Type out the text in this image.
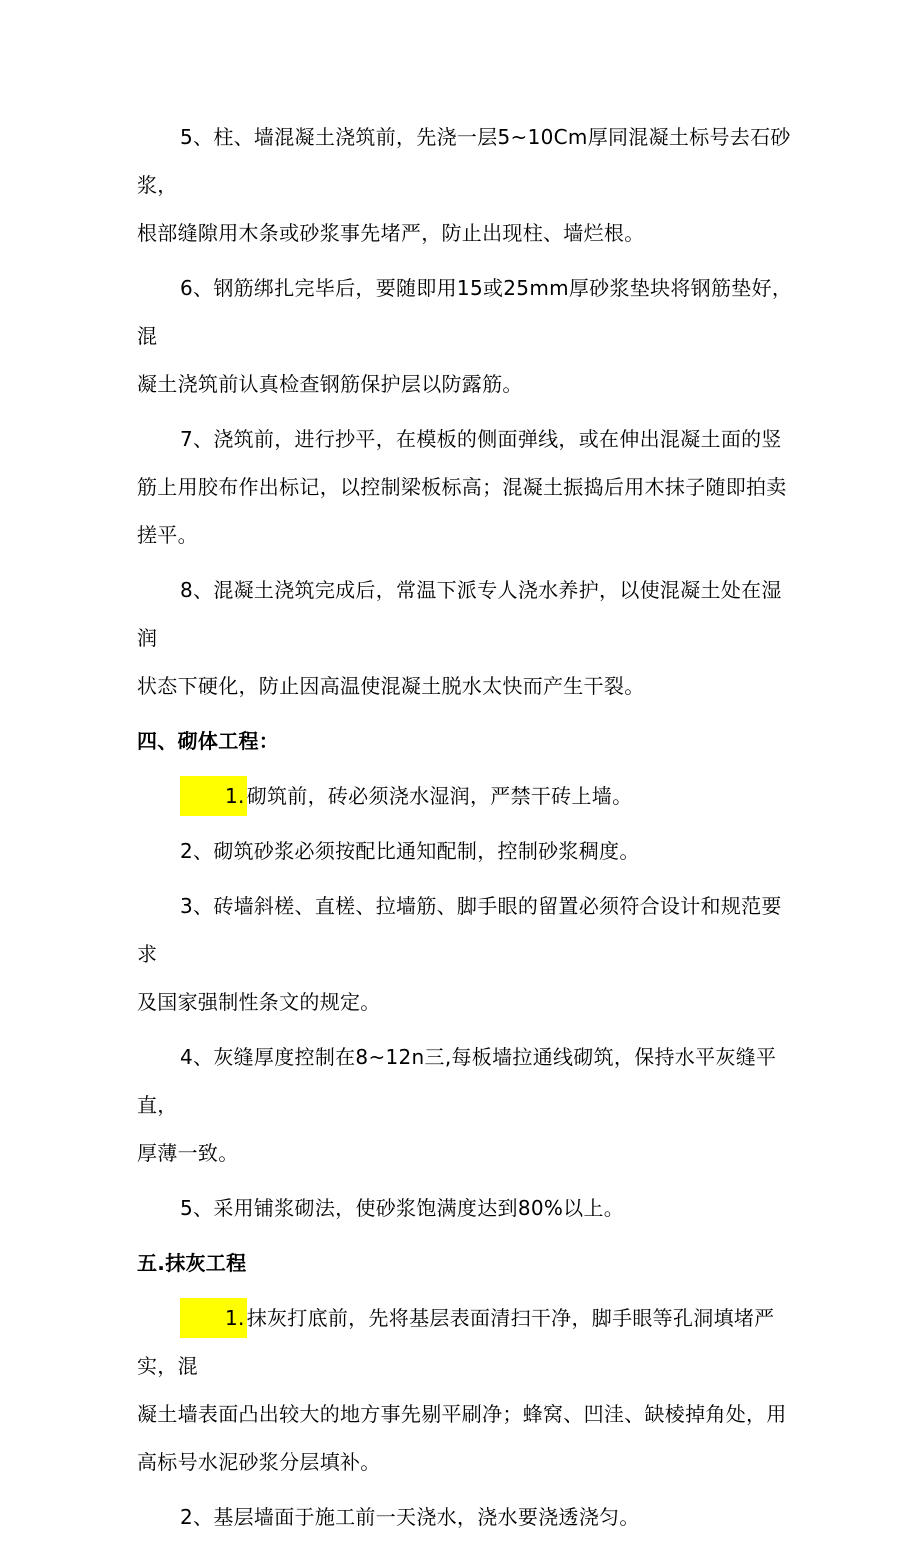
5、柱、墙混凝土浇筑前，先浇一层5~10Cm厚同混凝土标号去石砂浆，
根部缝隙用木条或砂浆事先堵严，防止出现柱、墙烂根。

6、钢筋绑扎完毕后，要随即用15或25mm厚砂浆垫块将钢筋垫好，混
凝土浇筑前认真检查钢筋保护层以防露筋。

7、浇筑前，进行抄平，在模板的侧面弹线，或在伸出混凝土面的竖
筋上用胶布作出标记，以控制梁板标高；混凝土振捣后用木抹子随即拍卖
搓平。

8、混凝土浇筑完成后，常温下派专人浇水养护，以使混凝土处在湿润
状态下硬化，防止因高温使混凝土脱水太快而产生干裂。

四、砌体工程：

1. 砌筑前，砖必须浇水湿润，严禁干砖上墙。

2、砌筑砂浆必须按配比通知配制，控制砂浆稠度。

3、砖墙斜槎、直槎、拉墙筋、脚手眼的留置必须符合设计和规范要求
及国家强制性条文的规定。

4、灰缝厚度控制在8~12n三,每板墙拉通线砌筑，保持水平灰缝平直，
厚薄一致。

5、采用铺浆砌法，使砂浆饱满度达到80%以上。

五.抹灰工程

1. 抹灰打底前，先将基层表面清扫干净，脚手眼等孔洞填堵严实，混
凝土墙表面凸出较大的地方事先剔平刷净；蜂窝、凹洼、缺棱掉角处，用
高标号水泥砂浆分层填补。

2、基层墙面于施工前一天浇水，浇水要浇透浇匀。
